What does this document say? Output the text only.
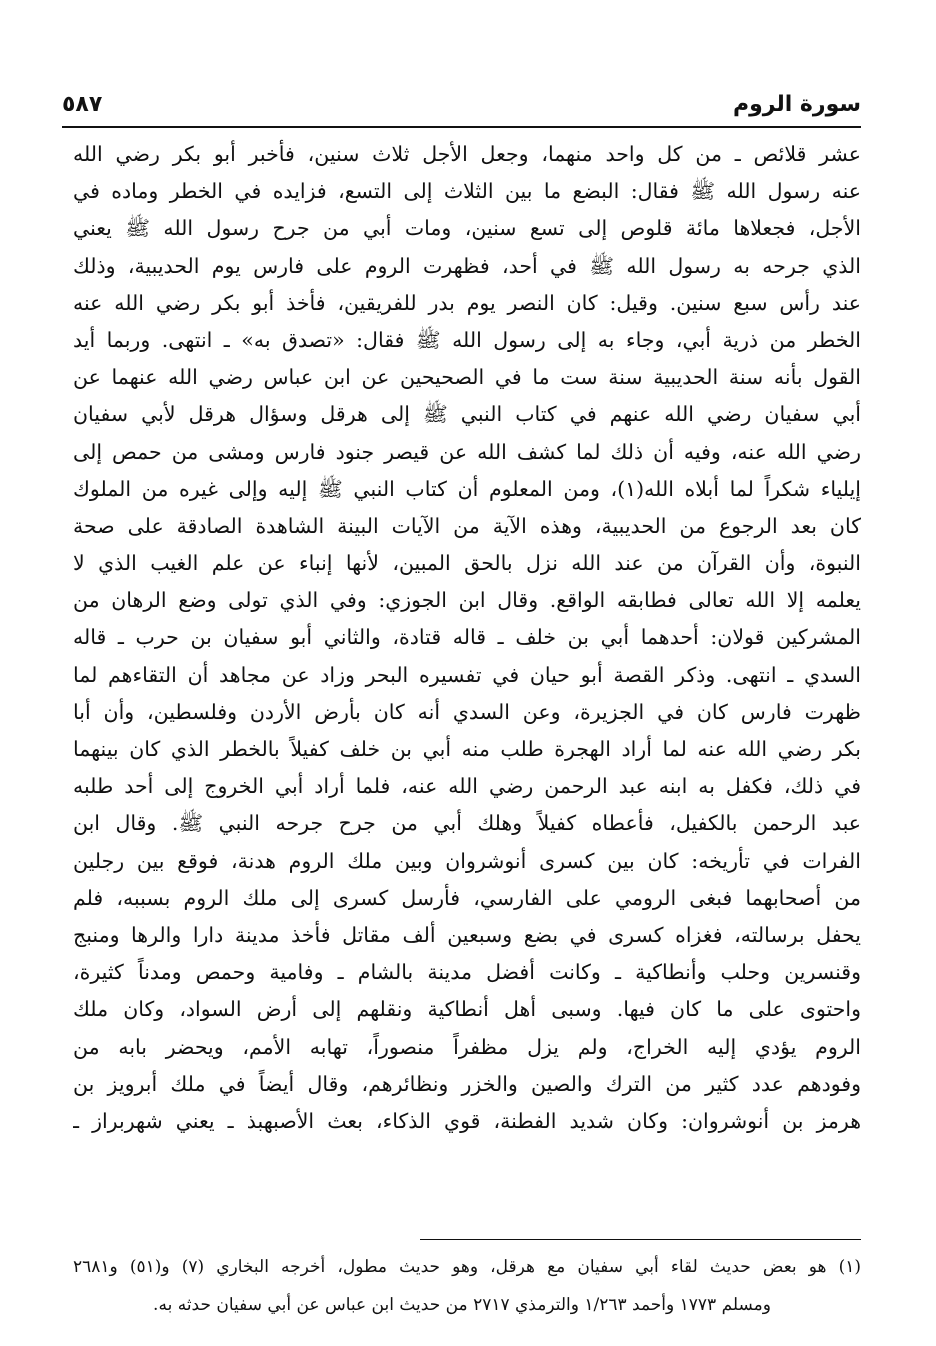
سورة الروم
٥٨٧
عشر قلائص ـ من كل واحد منهما، وجعل الأجل ثلاث سنين، فأخبر أبو بكر رضي الله
عنه رسول الله ﷺ فقال: البضع ما بين الثلاث إلى التسع، فزايده في الخطر وماده في
الأجل، فجعلاها مائة قلوص إلى تسع سنين، ومات أبي من جرح رسول الله ﷺ يعني
الذي جرحه به رسول الله ﷺ في أحد، فظهرت الروم على فارس يوم الحديبية، وذلك
عند رأس سبع سنين. وقيل: كان النصر يوم بدر للفريقين، فأخذ أبو بكر رضي الله عنه
الخطر من ذرية أبي، وجاء به إلى رسول الله ﷺ فقال: «تصدق به» ـ انتهى. وربما أيد
القول بأنه سنة الحديبية سنة ست ما في الصحيحين عن ابن عباس رضي الله عنهما عن
أبي سفيان رضي الله عنهم في كتاب النبي ﷺ إلى هرقل وسؤال هرقل لأبي سفيان
رضي الله عنه، وفيه أن ذلك لما كشف الله عن قيصر جنود فارس ومشى من حمص إلى
إيلياء شكراً لما أبلاه الله(١)، ومن المعلوم أن كتاب النبي ﷺ إليه وإلى غيره من الملوك
كان بعد الرجوع من الحديبية، وهذه الآية من الآيات البينة الشاهدة الصادقة على صحة
النبوة، وأن القرآن من عند الله نزل بالحق المبين، لأنها إنباء عن علم الغيب الذي لا
يعلمه إلا الله تعالى فطابقه الواقع. وقال ابن الجوزي: وفي الذي تولى وضع الرهان من
المشركين قولان: أحدهما أبي بن خلف ـ قاله قتادة، والثاني أبو سفيان بن حرب ـ قاله
السدي ـ انتهى. وذكر القصة أبو حيان في تفسيره البحر وزاد عن مجاهد أن التقاءهم لما
ظهرت فارس كان في الجزيرة، وعن السدي أنه كان بأرض الأردن وفلسطين، وأن أبا
بكر رضي الله عنه لما أراد الهجرة طلب منه أبي بن خلف كفيلاً بالخطر الذي كان بينهما
في ذلك، فكفل به ابنه عبد الرحمن رضي الله عنه، فلما أراد أبي الخروج إلى أحد طلبه
عبد الرحمن بالكفيل، فأعطاه كفيلاً وهلك أبي من جرح جرحه النبي ﷺ. وقال ابن
الفرات في تأريخه: كان بين كسرى أنوشروان وبين ملك الروم هدنة، فوقع بين رجلين
من أصحابهما فبغى الرومي على الفارسي، فأرسل كسرى إلى ملك الروم بسببه، فلم
يحفل برسالته، فغزاه كسرى في بضع وسبعين ألف مقاتل فأخذ مدينة دارا والرها ومنبج
وقنسرين وحلب وأنطاكية ـ وكانت أفضل مدينة بالشام ـ وفامية وحمص ومدناً كثيرة،
واحتوى على ما كان فيها. وسبى أهل أنطاكية ونقلهم إلى أرض السواد، وكان ملك
الروم يؤدي إليه الخراج، ولم يزل مظفراً منصوراً، تهابه الأمم، ويحضر بابه من
وفودهم عدد كثير من الترك والصين والخزر ونظائرهم، وقال أيضاً في ملك أبرويز بن
هرمز بن أنوشروان: وكان شديد الفطنة، قوي الذكاء، بعث الأصبهبذ ـ يعني شهربراز ـ
(١) هو بعض حديث لقاء أبي سفيان مع هرقل، وهو حديث مطول، أخرجه البخاري (٧) و(٥١) و٢٦٨١
ومسلم ١٧٧٣ وأحمد ١/٢٦٣ والترمذي ٢٧١٧ من حديث ابن عباس عن أبي سفيان حدثه به.
